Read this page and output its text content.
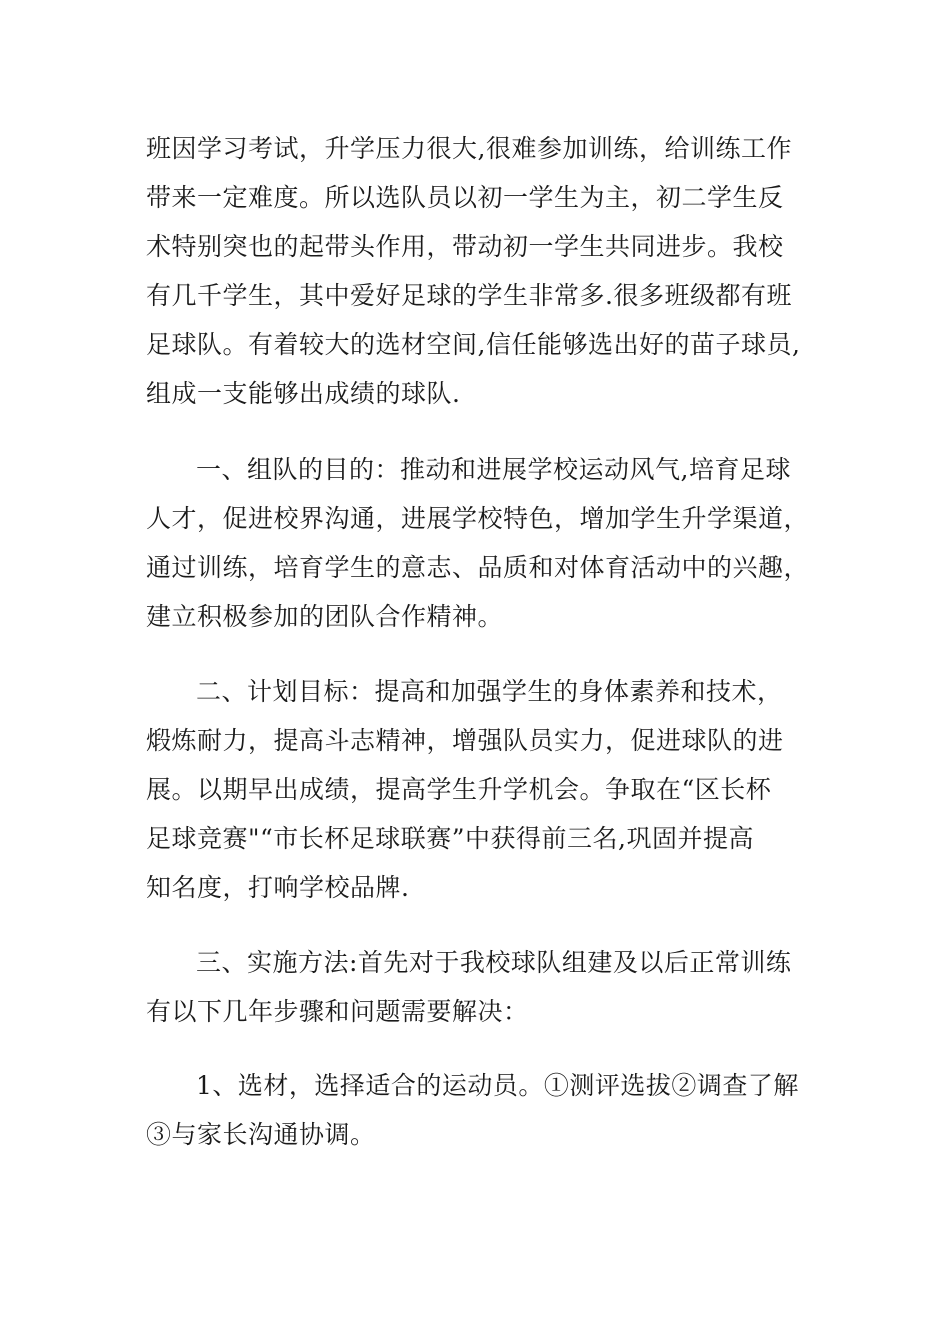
班因学习考试，升学压力很大,很难参加训练，给训练工作
带来一定难度。所以选队员以初一学生为主，初二学生反
术特别突也的起带头作用，带动初一学生共同进步。我校
有几千学生，其中爱好足球的学生非常多.很多班级都有班
足球队。有着较大的选材空间,信任能够选出好的苗子球员,
组成一支能够出成绩的球队.
一、组队的目的：推动和进展学校运动风气,培育足球
人才，促进校界沟通，进展学校特色，增加学生升学渠道，
通过训练，培育学生的意志、品质和对体育活动中的兴趣，
建立积极参加的团队合作精神。
二、计划目标：提高和加强学生的身体素养和技术，
煅炼耐力，提高斗志精神，增强队员实力，促进球队的进
展。以期早出成绩，提高学生升学机会。争取在“区长杯
足球竞赛"“市长杯足球联赛”中获得前三名,巩固并提高
知名度，打响学校品牌.
三、实施方法:首先对于我校球队组建及以后正常训练
有以下几年步骤和问题需要解决：
1、选材，选择适合的运动员。①测评选拔②调查了解
③与家长沟通协调。
